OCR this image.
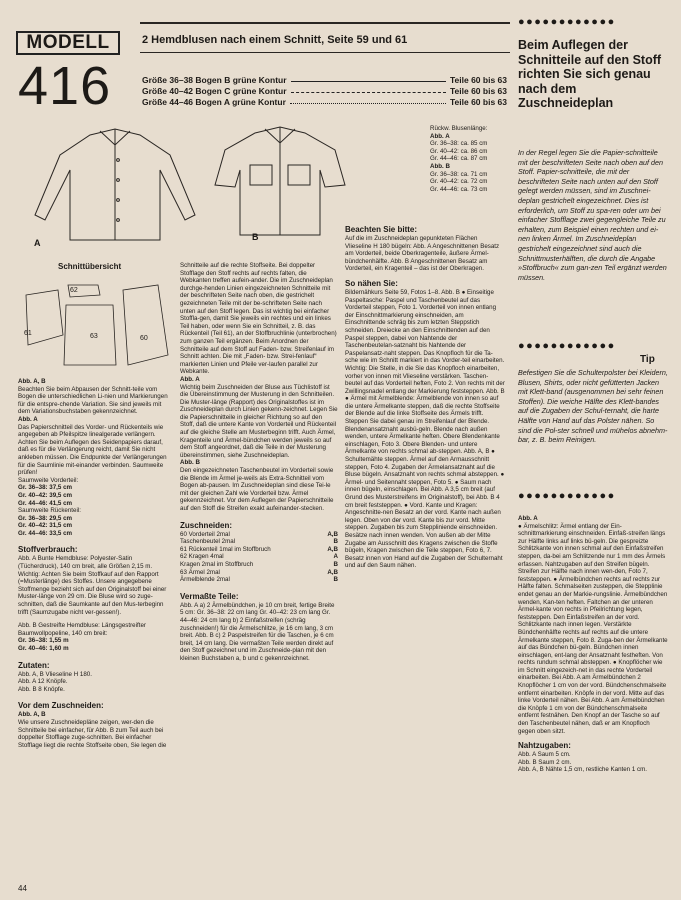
MODELL
416
2 Hemdblusen nach einem Schnitt, Seite 59 und 61
Größe 36–38 Bogen B grüne Kontur	Teile 60 bis 63
Größe 40–42 Bogen C grüne Kontur	Teile 60 bis 63
Größe 44–46 Bogen A grüne Kontur	Teile 60 bis 63
A
B
Rückw. Blusenlänge:
Abb. A
Gr. 36–38: ca. 85 cm
Gr. 40–42: ca. 86 cm
Gr. 44–46: ca. 87 cm
Abb. B
Gr. 36–38: ca. 71 cm
Gr. 40–42: ca. 72 cm
Gr. 44–46: ca. 73 cm
Schnittübersicht
61
62
63	60
Abb. A, B
Beachten Sie beim Abpausen der Schnitt-teile vom Bogen die unterschiedlichen Li-nien und Markierungen für die entspre-chende Variation. Sie sind jeweils mit dem Variationsbuchstaben gekennzeichnet.
Abb. A
Das Papierschnitteil des Vorder- und Rückenteils wie angegeben ab Pfeilspitze linealgerade verlängern. Achten Sie beim Auflegen des Seidenpapiers darauf, daß es für die Verlängerung reicht, damit Sie nicht ankleben müssen. Die Endpunkte der Verlängerungen für die Saumlinie mit-einander verbinden. Saumweite prüfen!
Saumweite Vorderteil:
Gr. 36–38: 37,5 cm
Gr. 40–42: 39,5 cm
Gr. 44–46: 41,5 cm
Saumweite Rückenteil:
Gr. 36–38: 29,5 cm
Gr. 40–42: 31,5 cm
Gr. 44–46: 33,5 cm
Stoffverbrauch:
Abb. A Bunte Hemdbluse: Polyester-Satin (Tücherdruck), 140 cm breit, alle Größen 2,15 m. Wichtig: Achten Sie beim Stoffkauf auf den Rapport (=Musterlänge) des Stoffes. Unsere angegebene Stoffmenge bezieht sich auf den Originalstoff bei einer Muster-länge von 29 cm. Die Bluse wird so zuge-schnitten, daß die Saumkante auf den Mus-terbeginn trifft (Saumzugabe nicht ver-gessen!).
Abb. B Gestreifte Hemdbluse: Längsgestreifter Baumwollpopeline, 140 cm breit:
Gr. 36–38: 1,55 m
Gr. 40–46: 1,60 m
Zutaten:
Abb. A, B Vlieseline H 180.
Abb. A 12 Knöpfe.
Abb. B 8 Knöpfe.
Vor dem Zuschneiden:
Abb. A, B
Wie unsere Zuschneidepläne zeigen, wer-den die Schnitteile bei einfacher, für Abb. B zum Teil auch bei doppelter Stofflage zuge-schnitten. Bei einfacher Stofflage liegt die rechte Stoffseite oben, Sie legen die
44
Schnitteile auf die rechte Stoffseite. Bei doppelter Stofflage den Stoff rechts auf rechts falten, die Webkanten treffen aufein-ander. Die im Zuschneideplan durchge-henden Linien eingezeichneten Schnitteile mit der beschrifteten Seite nach oben, die gestrichelt gezeichneten Teile mit der be-schrifteten Seite nach unten auf den Stoff legen. Das ist wichtig bei einfacher Stoffla-gen, damit Sie jeweils ein rechtes und ein linkes Teil haben, oder wenn Sie ein Schnitteil, z. B. das Rückenteil (Teil 61), an der Stoffbruchlinie (unterbrochen) zum ganzen Teil ergänzen. Beim Anordnen der Schnitteile auf dem Stoff auf Faden- bzw. Streifenlauf im Schnitt achten. Die mit „Faden- bzw. Strei-fenlauf“ markierten Linien und Pfeile ver-laufen parallel zur Webkante.
Abb. A
Wichtig beim Zuschneiden der Bluse aus Tüchlistoff ist die Übereinstimmung der Musterung in den Schnitteilen. Die Muster-länge (Rapport) des Originalstoffes ist im Zuschneideplan durch Linien gekenn-zeichnet. Legen Sie die Papierschnitteile in gleicher Richtung so auf den Stoff, daß die untere Kante von Vorderteil und Rückenteil auf die gleiche Stelle am Musterbeginn trifft. Auch Ärmel, Kragenteile und Ärmel-bündchen werden jeweils so auf dem Stoff angeordnet, daß die Teile in der Musterung übereinstimmen, siehe Zuschneideplan.
Abb. B
Den eingezeichneten Taschenbeutel im Vorderteil sowie die Blende im Ärmel je-weils als Extra-Schnitteil vom Bogen ab-pausen. Im Zuschneideplan sind diese Tei-le mit der gleichen Zahl wie Vorderteil bzw. Ärmel gekennzeichnet. Vor dem Auflegen der Papierschnitteile auf den Stoff die Streifen exakt aufeinander-stecken.
Zuschneiden:
60 Vorderteil 2mal	A,B
Taschenbeutel 2mal	B
61 Rückenteil 1mal im Stoffbruch	A,B
62 Kragen 4mal	A
Kragen 2mal im Stoffbruch	B
63 Ärmel 2mal	A,B
Ärmelblende 2mal	B
Vermaßte Teile:
Abb. A a) 2 Ärmelbündchen, je 10 cm breit, fertige Breite 5 cm: Gr. 36–38: 22 cm lang Gr. 40–42: 23 cm lang Gr. 44–46: 24 cm lang b) 2 Einfaßstreifen (schräg zuschneiden!) für die Ärmelschlitze, je 16 cm lang, 3 cm breit. Abb. B c) 2 Paspelstreifen für die Taschen, je 6 cm breit, 14 cm lang. Die vermaßten Teile werden direkt auf den Stoff gezeichnet und im Zuschneide-plan mit den kleinen Buchstaben a, b und c gekennzeichnet.
Beachten Sie bitte:
Auf die im Zuschneideplan gepunkteten Flächen Vlieseline H 180 bügeln: Abb. A Angeschnittenen Besatz am Vorderteil, beide Oberkragenteile, äußere Ärmel-bündchenhälfte. Abb. B Angeschnittenen Besatz am Vorderteil, ein Kragenteil – das ist der Oberkragen.
So nähen Sie:
Bildernähkurs Seite 59, Fotos 1–8. Abb. B ● Einseitige Paspeltasche: Paspel und Taschenbeutel auf das Vorderteil steppen, Foto 1. Vorderteil von innen entlang der Einschnittmarkierung einschneiden, am Einschnittende schräg bis zum letzten Steppstich schneiden. Dreiecke an den Einschnittenden auf den Paspel steppen, dabei von Nahtende der Taschenbeutelan-satznaht bis Nahtende der Paspelansatz-naht steppen. Das Knopfloch für die Ta-sche wie im Schnitt markiert in das Vorder-teil einarbeiten. Wichtig: Die Stelle, in die Sie das Knopfloch einarbeiten, vorher von innen mit Vlieseline verstärken. Taschen-beutel auf das Vorderteil heften, Foto 2. Von rechts mit der Zwillingsnadel entlang der Markierung feststeppen. Abb. B ● Ärmel mit Ärmelblende: Ärmelblende von innen so auf die untere Ärmelkante steppen, daß die rechte Stoffseite der Blende auf die linke Stoffseite des Ärmels trifft. Steppen Sie dabei genau im Streifenlauf der Blende. Blendenansatznaht ausbü-geln. Blende nach außen wenden, untere Ärmelkante heften. Obere Blendenkante einschlagen, Foto 3. Obere Blenden- und untere Ärmelkante von rechts schmal ab-steppen. Abb. A, B ● Schultemähte steppen. Ärmel auf den Armausschnitt steppen, Foto 4. Zugaben der Ärmelansatznaht auf die Bluse bügeln. Ansatznaht von rechts schmal absteppen. ● Ärmel- und Seitennaht steppen, Foto 5. ● Saum nach innen bügeln, einschlagen. Bei Abb. A 3,5 cm breit (auf Grund des Musterstreifens im Originalstoff), bei Abb. B 4 cm breit feststeppen. ● Vord. Kante und Kragen: Angeschnitte-nen Besatz an der vord. Kante nach außen legen. Oben von der vord. Kante bis zur vord. Mitte steppen. Zugaben bis zum Steppliniende einschneiden. Besätze nach innen wenden. Von außen ab der Mitte Zugabe am Ausschnitt des Kragens zwischen die Stoffe bügeln, Kragen zwischen die Teile steppen, Foto 6, 7. Besatz innen von Hand auf die Zugaben der Schulternaht und auf den Saum nähen.
●●●●●●●●●●●●
Beim Auflegen der Schnitteile auf den Stoff richten Sie sich genau nach dem Zuschneideplan
In der Regel legen Sie die Papier-schnitteile mit der beschrifteten Seite nach oben auf den Stoff. Papier-schnitteile, die mit der beschrifteten Seite nach unten auf den Stoff gelegt werden müssen, sind im Zuschnei-deplan gestrichelt eingezeichnet. Dies ist erforderlich, um Stoff zu spa-ren oder um bei einfacher Stofflage zwei gegengleiche Teile zu erhalten, zum Beispiel einen rechten und ei-nen linken Ärmel. Im Zuschneideplan gestrichelt eingezeichnet sind auch die Schnittmusterhälften, die durch die Angabe »Stoffbruch« zum gan-zen Teil ergänzt werden müssen.
●●●●●●●●●●●●
Tip
Befestigen Sie die Schulterpolster bei Kleidern, Blusen, Shirts, oder nicht gefütterten Jacken mit Klett-band (ausgenommen bei sehr feinen Stoffen). Die weiche Hälfte des Klett-bandes auf die Zugaben der Schul-ternaht, die harte Hälfte von Hand auf das Polster nähen. So sind die Pol-ster schnell und mühelos abnehm-bar, z. B. beim Reinigen.
●●●●●●●●●●●●
Abb. A
● Ärmelschlitz: Ärmel entlang der Ein-schnittmarkierung einschneiden. Einfaß-streifen längs zur Hälfte links auf links bü-geln. Die gespreizte Schlitzkante von innen schmal auf den Einfaßstreifen steppen, da-bei am Schlitzende nur 1 mm des Ärmels erfassen. Nahtzugaben auf den Streifen bügeln. Streifen zur Hälfte nach innen wen-den, Foto 7, feststeppen. ● Ärmelbündchen rechts auf rechts zur Hälfte falten. Schmalseiten zusteppen, die Stepplinie endet genau an der Markie-rungslinie. Ärmelbündchen wenden, Kan-ten heften. Faltchen an der unteren Ärmel-kante von rechts in Pfeilrichtung legen, feststeppen. Den Einfaßstreifen an der vord. Schlitzkante nach innen legen. Verstärkte Bündchenhälfte rechts auf rechts auf die untere Ärmelkante steppen, Foto 8. Zuga-ben der Ärmelkante auf das Bündchen bü-geln. Bündchen innen einschlagen, ent-lang der Ansatznaht festheften. Von rechts rundum schmal absteppen. ● Knopflöcher wie im Schnitt eingezeich-net in das rechte Vorderteil einarbeiten. Bei Abb. A am Ärmelbündchen 2 Knopflöcher 1 cm von der vord. Bündchenschmalseite entfernt einarbeiten. Knöpfe in der vord. Mitte auf das linke Vorderteil nähen. Bei Abb. A am Ärmelbündchen die Knöpfe 1 cm von der Bündchenschmalseite entfernt festnähen. Den Knopf an der Tasche so auf den Taschenbeutel nähen, daß er am Knopfloch gegen oben sitzt.
Nahtzugaben:
Abb. A Saum 5 cm.
Abb. B Saum 2 cm.
Abb. A, B Nähte 1,5 cm, restliche Kanten 1 cm.
